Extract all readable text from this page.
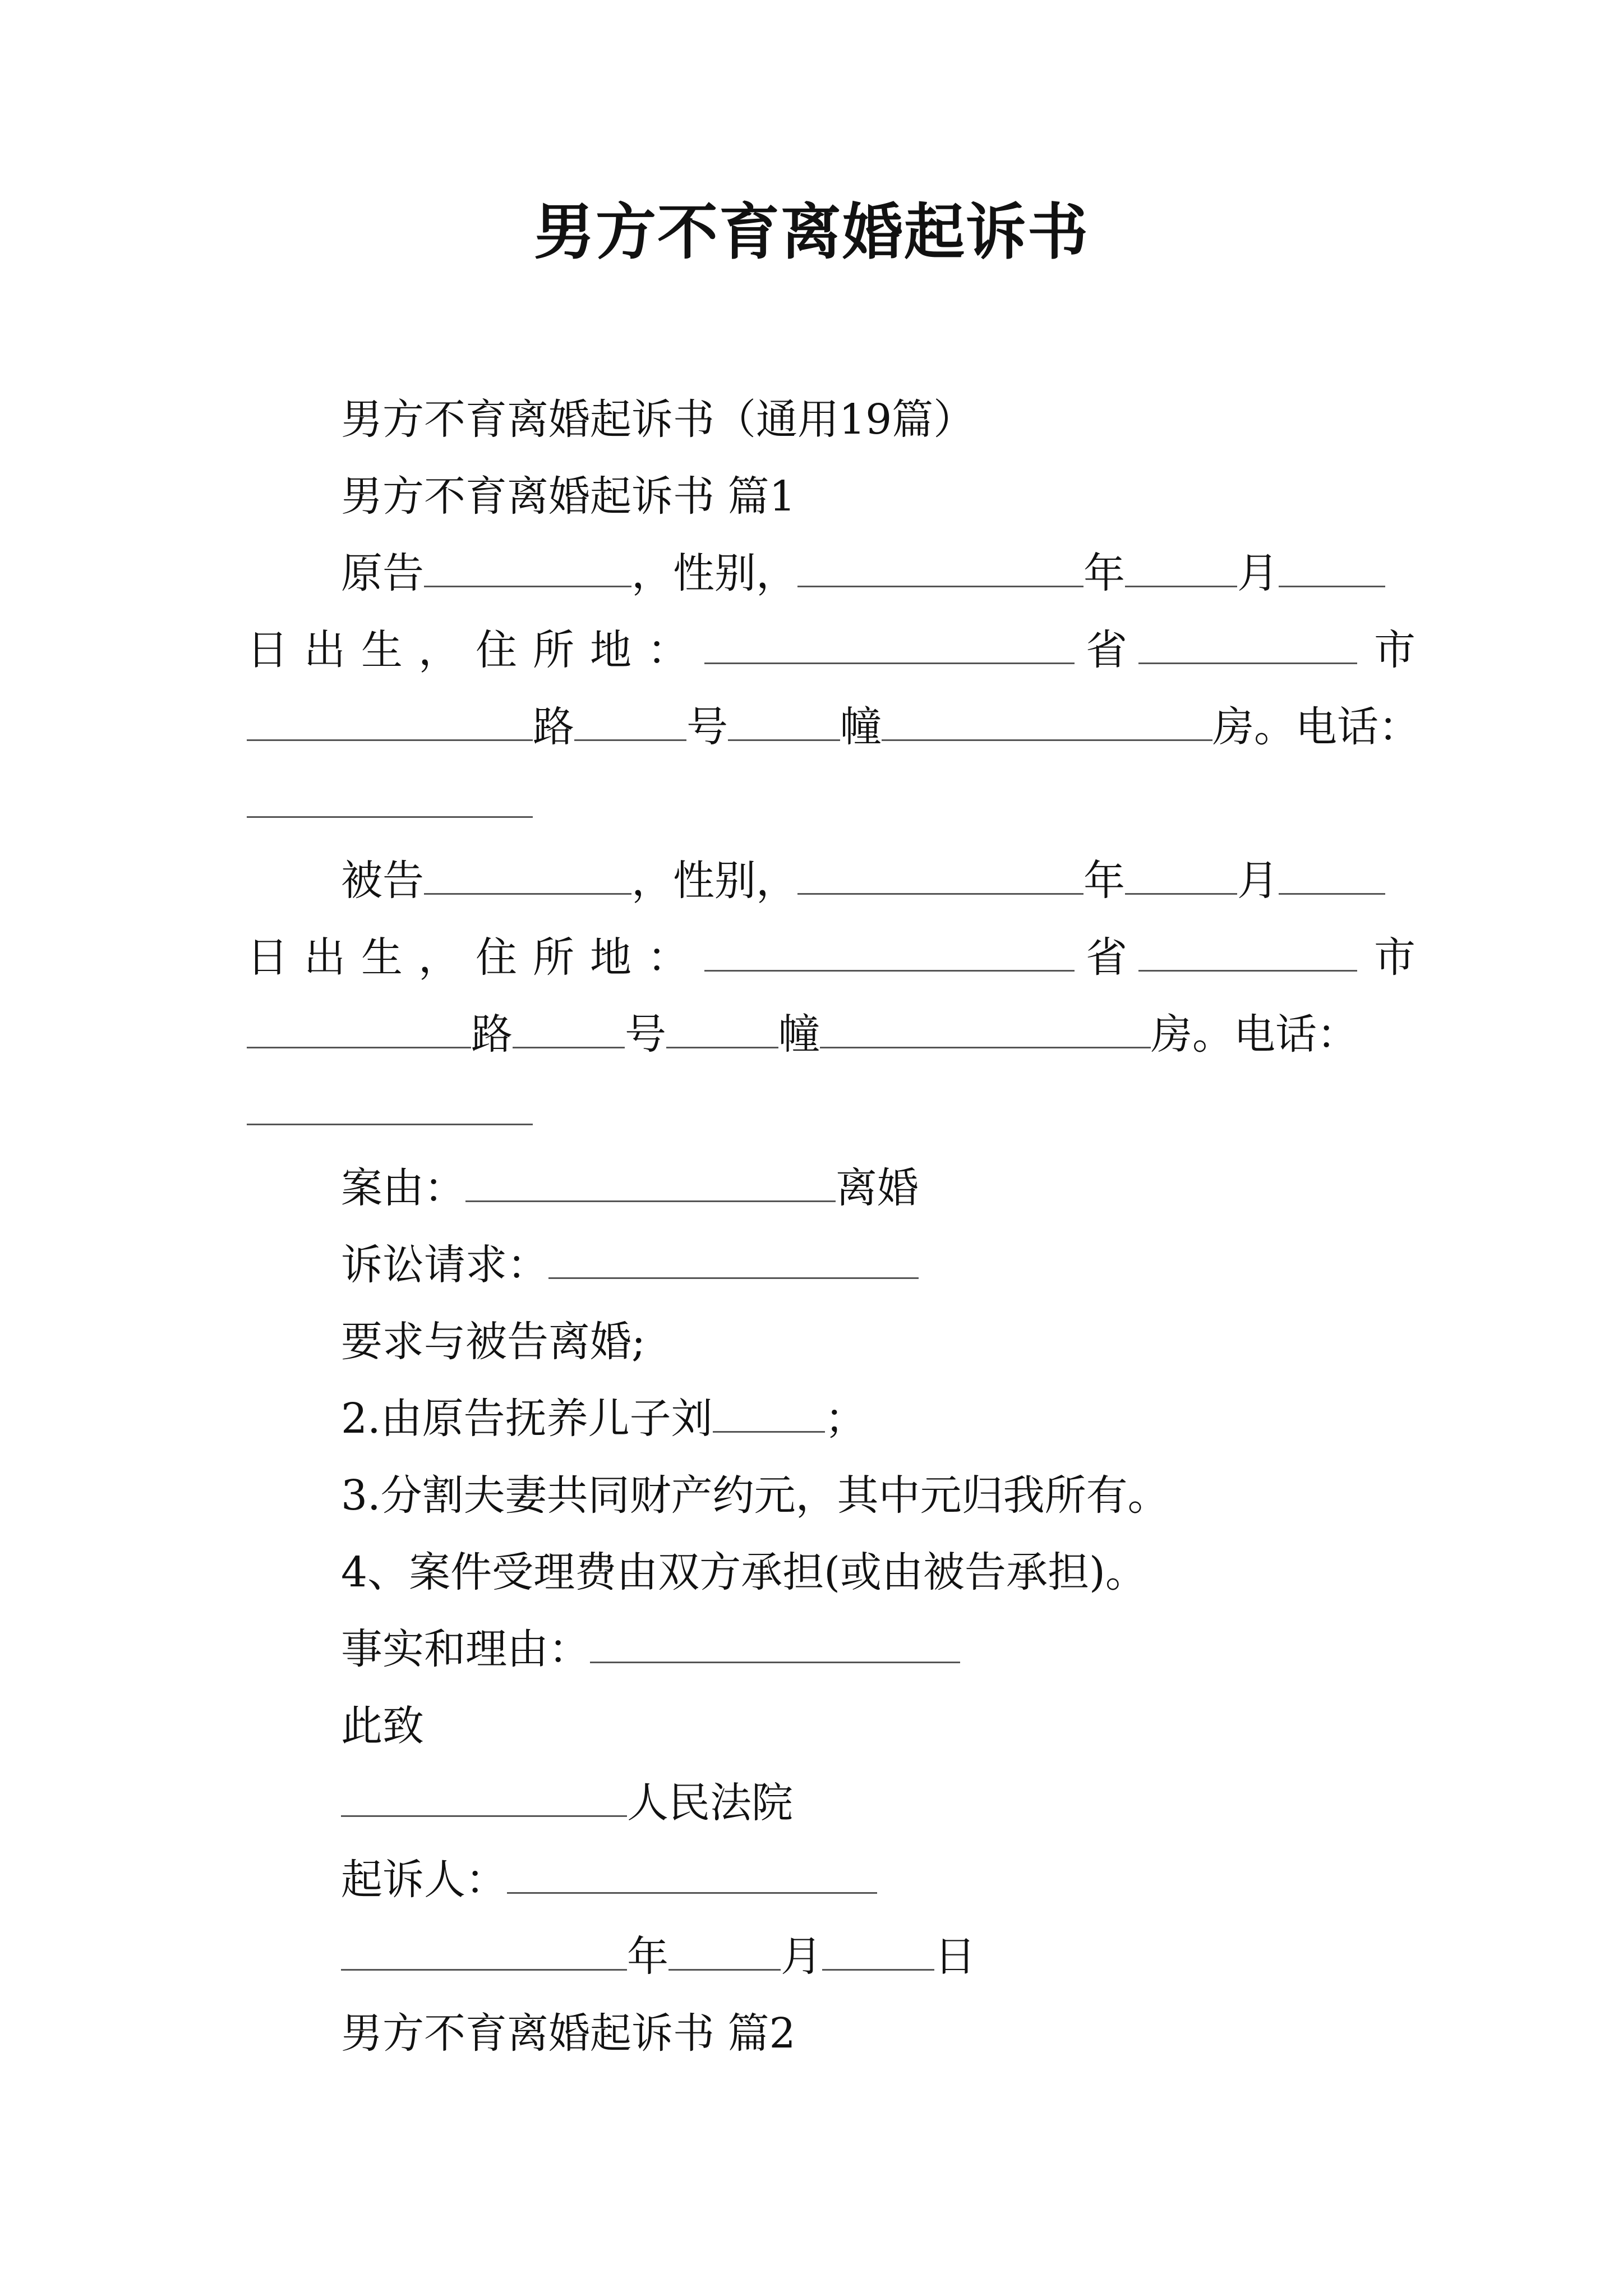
男方不育离婚起诉书
男方不育离婚起诉书（通用19篇）
男方不育离婚起诉书 篇1
原告	，性别，	年	月
日出生，住所地：	省	市
路	号	幢	房。电话：
被告	，性别，	年	月
日出生，住所地：	省	市
路	号	幢	房。电话：
案由：	离婚
诉讼请求：
要求与被告离婚;
2.由原告抚养儿子刘	；
3.分割夫妻共同财产约元，其中元归我所有。
4、案件受理费由双方承担(或由被告承担)。
事实和理由：
此致
人民法院
起诉人：
年	月	日
男方不育离婚起诉书 篇2
